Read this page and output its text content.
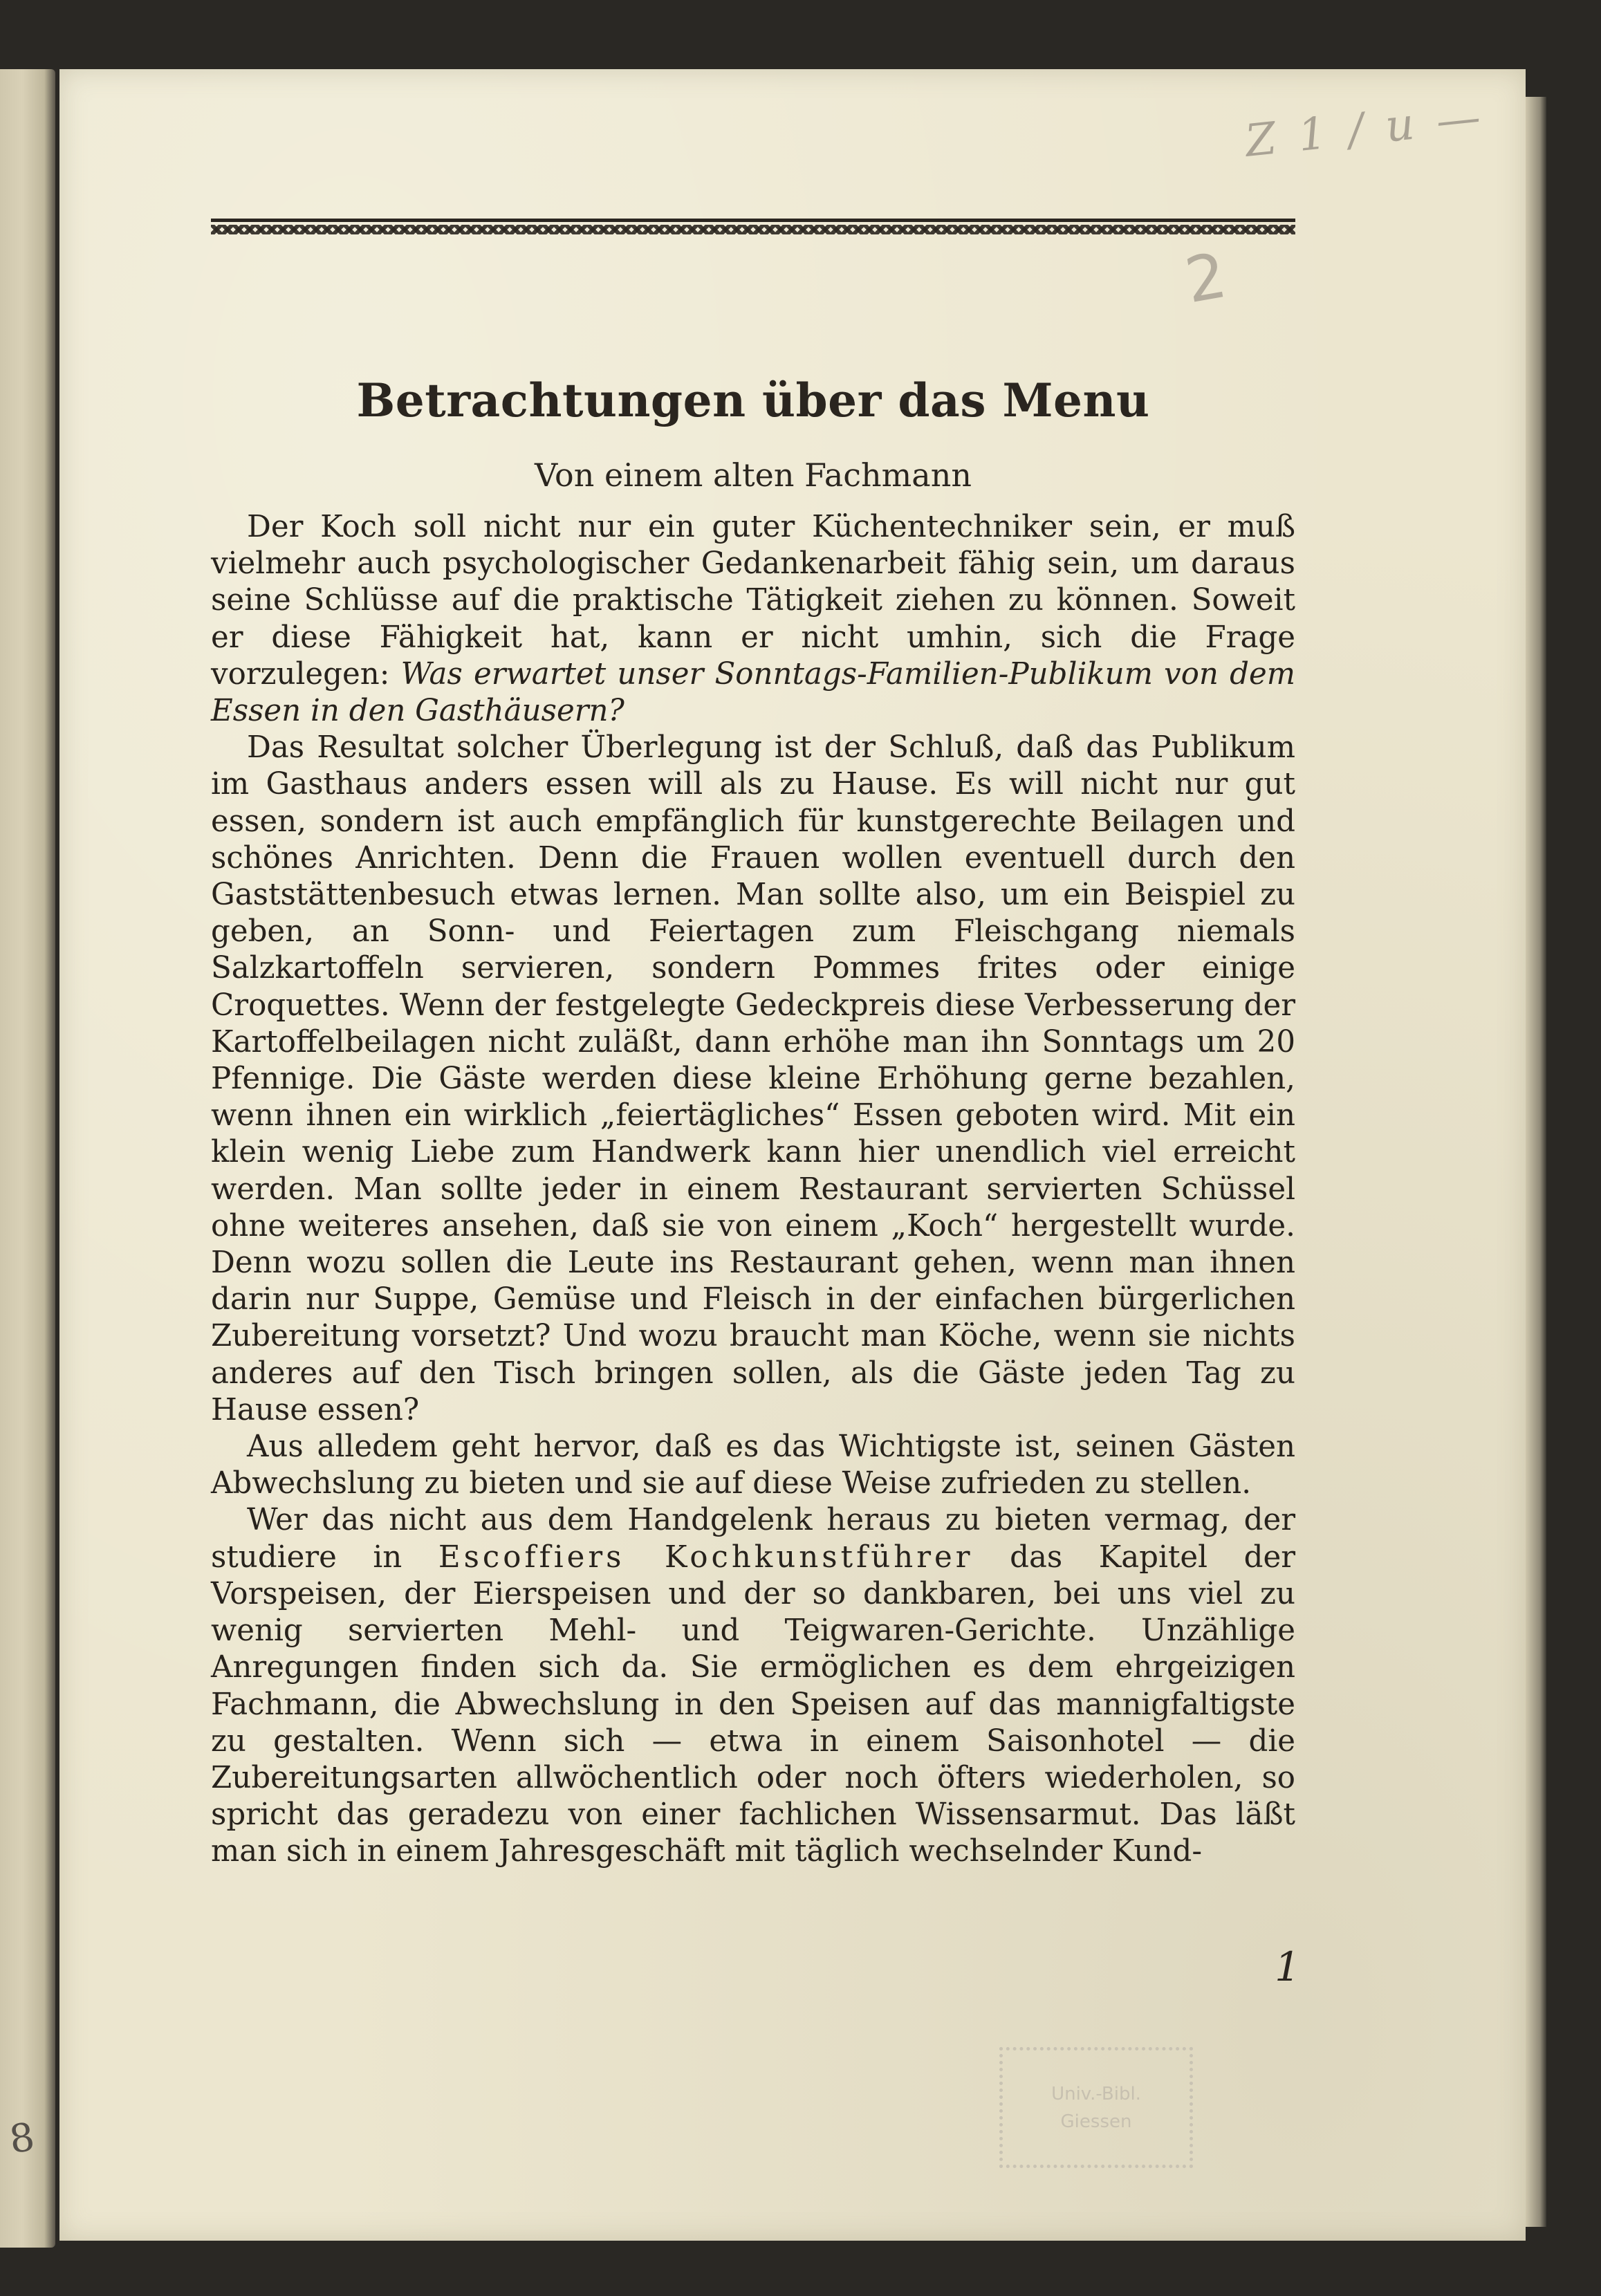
8
Z 1 / u —
2
Betrachtungen über das Menu
Von einem alten Fachmann

Der Koch soll nicht nur ein guter Küchentechniker sein, er muß vielmehr auch psychologischer Gedankenarbeit fähig sein, um daraus seine Schlüsse auf die praktische Tätigkeit ziehen zu können. Soweit er diese Fähigkeit hat, kann er nicht umhin, sich die Frage vorzulegen: Was erwartet unser Sonntags-Familien-Publikum von dem Essen in den Gasthäusern?

Das Resultat solcher Überlegung ist der Schluß, daß das Publikum im Gasthaus anders essen will als zu Hause. Es will nicht nur gut essen, sondern ist auch empfänglich für kunstgerechte Beilagen und schönes Anrichten. Denn die Frauen wollen eventuell durch den Gaststättenbesuch etwas lernen. Man sollte also, um ein Beispiel zu geben, an Sonn- und Feiertagen zum Fleischgang niemals Salzkartoffeln servieren, sondern Pommes frites oder einige Croquettes. Wenn der festgelegte Gedeckpreis diese Verbesserung der Kartoffelbeilagen nicht zuläßt, dann erhöhe man ihn Sonntags um 20 Pfennige. Die Gäste werden diese kleine Erhöhung gerne bezahlen, wenn ihnen ein wirklich „feiertägliches“ Essen geboten wird. Mit ein klein wenig Liebe zum Handwerk kann hier unendlich viel erreicht werden. Man sollte jeder in einem Restaurant servierten Schüssel ohne weiteres ansehen, daß sie von einem „Koch“ hergestellt wurde. Denn wozu sollen die Leute ins Restaurant gehen, wenn man ihnen darin nur Suppe, Gemüse und Fleisch in der einfachen bürgerlichen Zubereitung vorsetzt? Und wozu braucht man Köche, wenn sie nichts anderes auf den Tisch bringen sollen, als die Gäste jeden Tag zu Hause essen?

Aus alledem geht hervor, daß es das Wichtigste ist, seinen Gästen Abwechslung zu bieten und sie auf diese Weise zufrieden zu stellen.

Wer das nicht aus dem Handgelenk heraus zu bieten vermag, der studiere in Escoffiers Kochkunstführer das Kapitel der Vorspeisen, der Eierspeisen und der so dankbaren, bei uns viel zu wenig servierten Mehl- und Teigwaren-Gerichte. Unzählige Anregungen finden sich da. Sie ermöglichen es dem ehrgeizigen Fachmann, die Abwechslung in den Speisen auf das mannigfaltigste zu gestalten. Wenn sich — etwa in einem Saisonhotel — die Zubereitungsarten allwöchentlich oder noch öfters wiederholen, so spricht das geradezu von einer fachlichen Wissensarmut. Das läßt man sich in einem Jahresgeschäft mit täglich wechselnder Kund-

1
Univ.-Bibl.
Giessen
